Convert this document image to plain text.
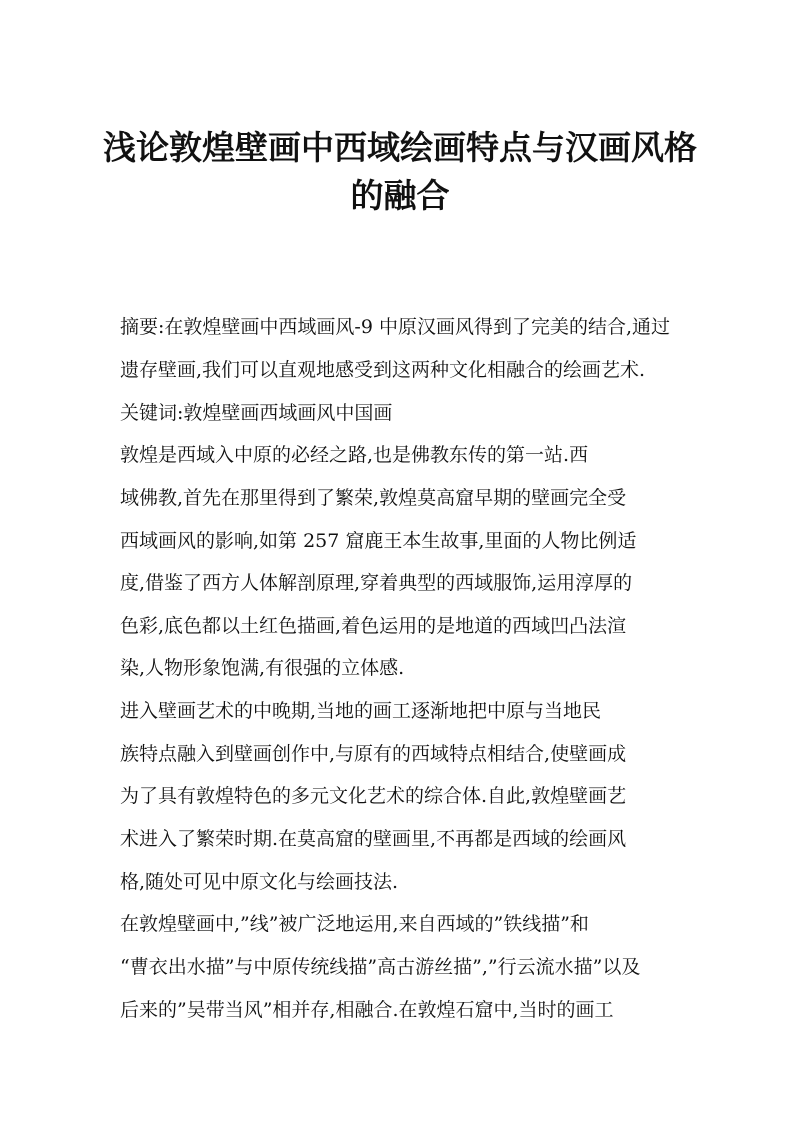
浅论敦煌壁画中西域绘画特点与汉画风格
的融合
摘要:在敦煌壁画中西域画风-9 中原汉画风得到了完美的结合,通过
遗存壁画,我们可以直观地感受到这两种文化相融合的绘画艺术.
关键词:敦煌壁画西域画风中国画
敦煌是西域入中原的必经之路,也是佛教东传的第一站.西
域佛教,首先在那里得到了繁荣,敦煌莫高窟早期的壁画完全受
西域画风的影响,如第 257 窟鹿王本生故事,里面的人物比例适
度,借鉴了西方人体解剖原理,穿着典型的西域服饰,运用淳厚的
色彩,底色都以土红色描画,着色运用的是地道的西域凹凸法渲
染,人物形象饱满,有很强的立体感.
进入壁画艺术的中晚期,当地的画工逐渐地把中原与当地民
族特点融入到壁画创作中,与原有的西域特点相结合,使壁画成
为了具有敦煌特色的多元文化艺术的综合体.自此,敦煌壁画艺
术进入了繁荣时期.在莫高窟的壁画里,不再都是西域的绘画风
格,随处可见中原文化与绘画技法.
在敦煌壁画中,”线”被广泛地运用,来自西域的”铁线描”和
“曹衣出水描”与中原传统线描”高古游丝描”,”行云流水描”以及
后来的”吴带当风”相并存,相融合.在敦煌石窟中,当时的画工
